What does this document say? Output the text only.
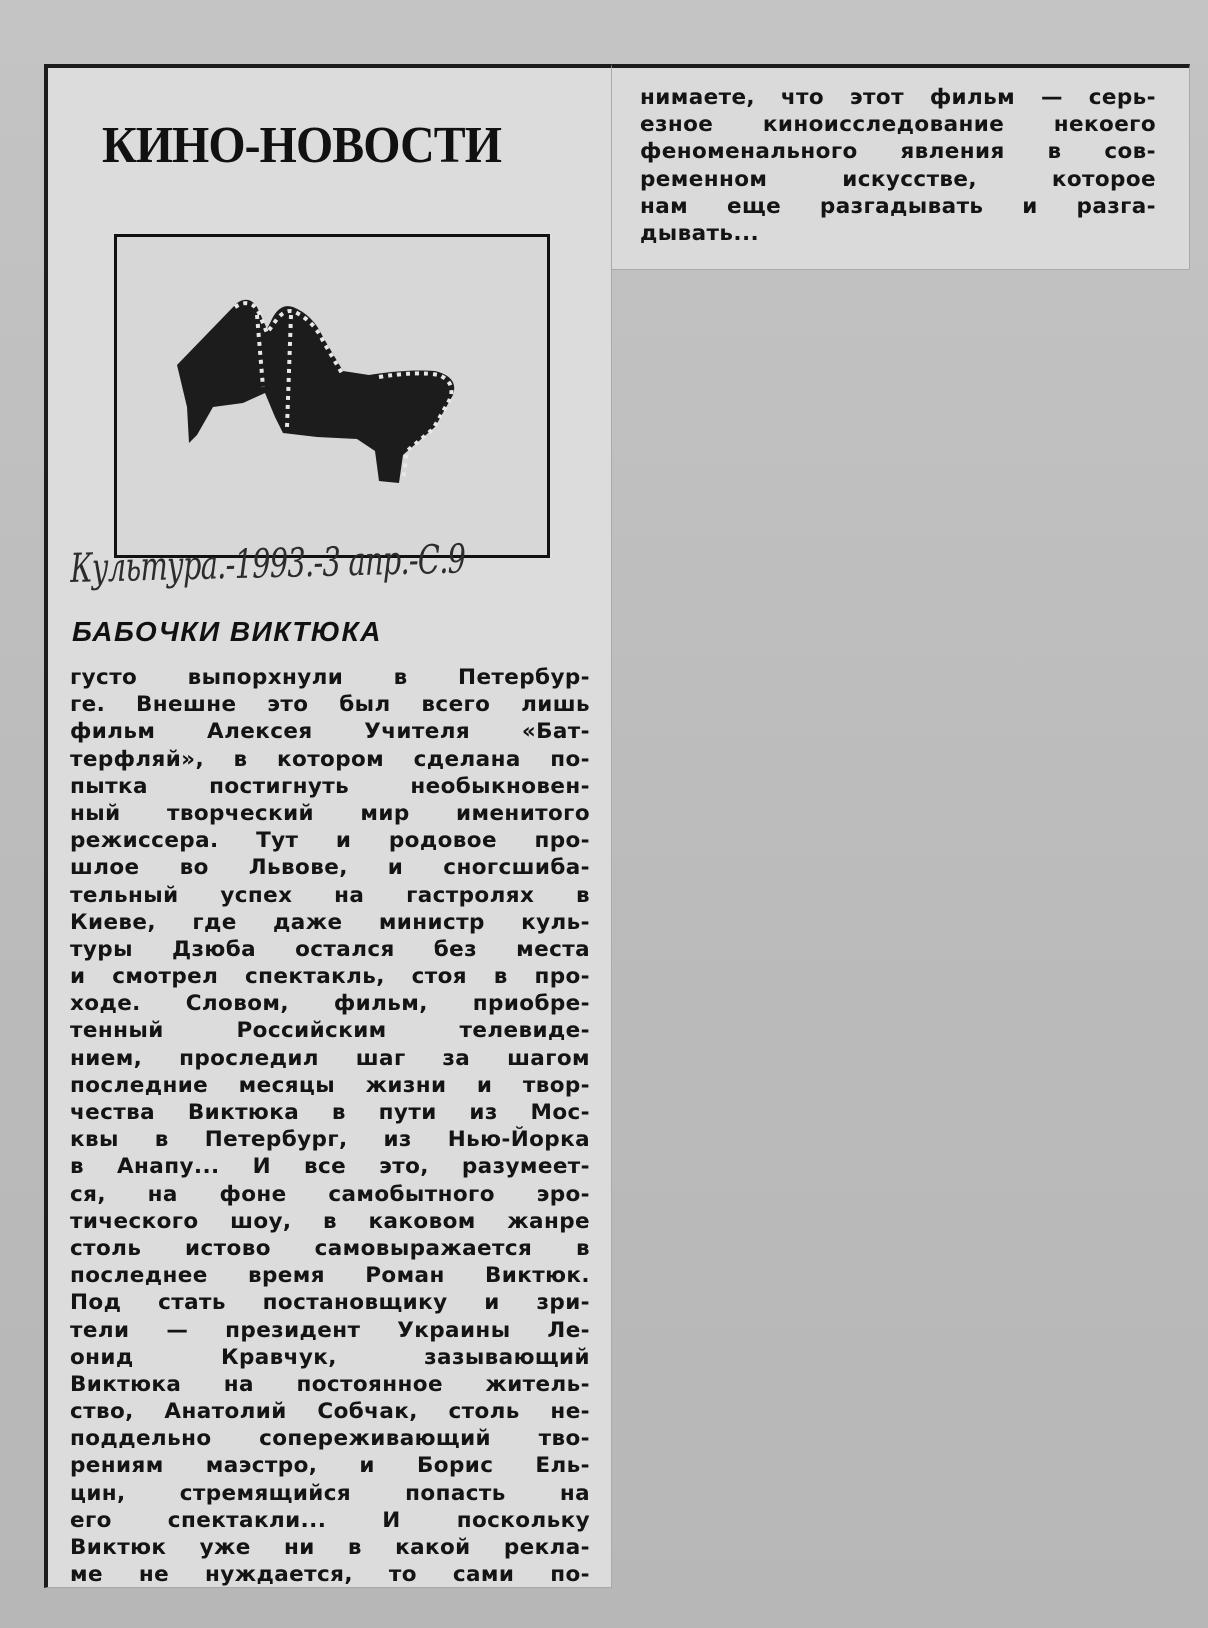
КИНО-НОВОСТИ
Культура.-1993.-3 апр.-С.9
БАБОЧКИ ВИКТЮКА
густо выпорхнули в Петербур-
ге. Внешне это был всего лишь
фильм Алексея Учителя «Бат-
терфляй», в котором сделана по-
пытка постигнуть необыкновен-
ный творческий мир именитого
режиссера. Тут и родовое про-
шлое во Львове, и сногсшиба-
тельный успех на гастролях в
Киеве, где даже министр куль-
туры Дзюба остался без места
и смотрел спектакль, стоя в про-
ходе. Словом, фильм, приобре-
тенный Российским телевиде-
нием, проследил шаг за шагом
последние месяцы жизни и твор-
чества Виктюка в пути из Мос-
квы в Петербург, из Нью-Йорка
в Анапу... И все это, разумеет-
ся, на фоне самобытного эро-
тического шоу, в каковом жанре
столь истово самовыражается в
последнее время Роман Виктюк.
Под стать постановщику и зри-
тели — президент Украины Ле-
онид Кравчук, зазывающий
Виктюка на постоянное житель-
ство, Анатолий Собчак, столь не-
поддельно сопереживающий тво-
рениям маэстро, и Борис Ель-
цин, стремящийся попасть на
его спектакли... И поскольку
Виктюк уже ни в какой рекла-
ме не нуждается, то сами по-
нимаете, что этот фильм — серь-
езное киноисследование некоего
феноменального явления в сов-
ременном искусстве, которое
нам еще разгадывать и разга-
дывать...
